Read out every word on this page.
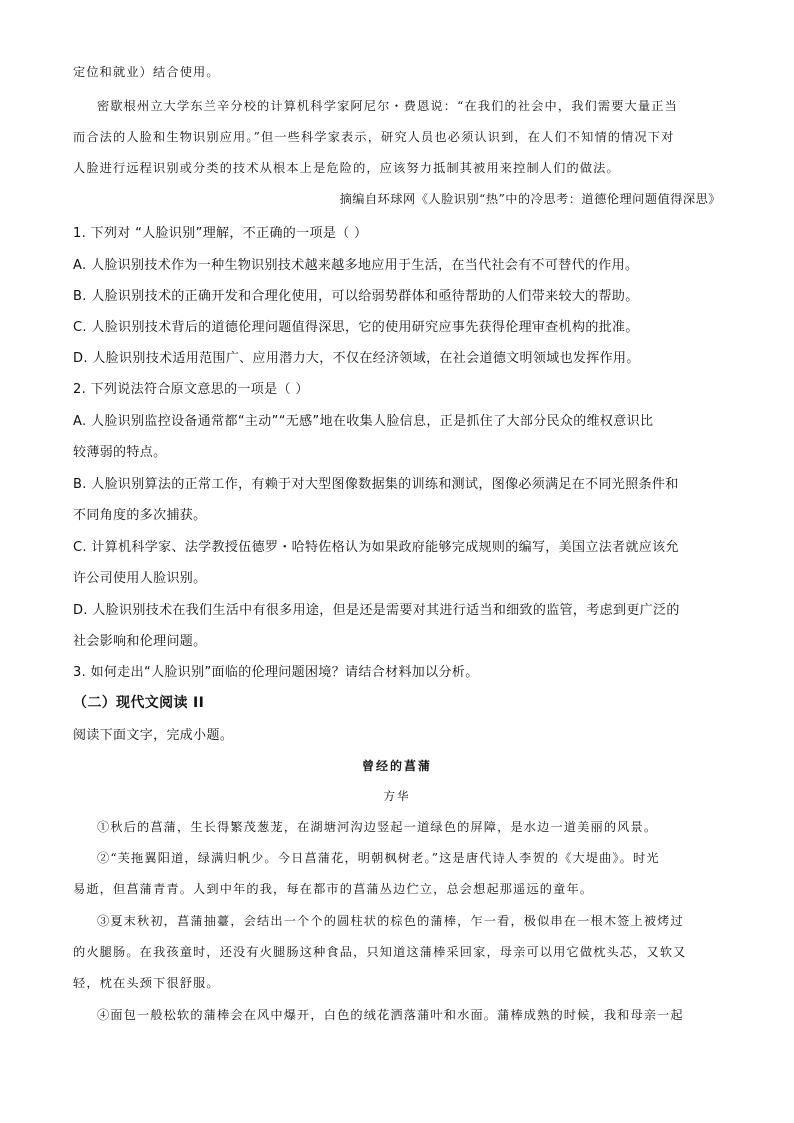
定位和就业）结合使用。

密歇根州立大学东兰辛分校的计算机科学家阿尼尔・费恩说：“在我们的社会中，我们需要大量正当

而合法的人脸和生物识别应用。”但一些科学家表示，研究人员也必须认识到，在人们不知情的情况下对

人脸进行远程识别或分类的技术从根本上是危险的，应该努力抵制其被用来控制人们的做法。

摘编自环球网《人脸识别“热”中的冷思考：道德伦理问题值得深思》

1. 下列对 “人脸识别”理解，不正确的一项是（ ）

A. 人脸识别技术作为一种生物识别技术越来越多地应用于生活，在当代社会有不可替代的作用。

B. 人脸识别技术的正确开发和合理化使用，可以给弱势群体和亟待帮助的人们带来较大的帮助。

C. 人脸识别技术背后的道德伦理问题值得深思，它的使用研究应事先获得伦理审查机构的批准。

D. 人脸识别技术适用范围广、应用潜力大，不仅在经济领域，在社会道德文明领域也发挥作用。

2. 下列说法符合原文意思的一项是（ ）

A. 人脸识别监控设备通常都“主动”“无感”地在收集人脸信息，正是抓住了大部分民众的维权意识比

较薄弱的特点。

B. 人脸识别算法的正常工作，有赖于对大型图像数据集的训练和测试，图像必须满足在不同光照条件和

不同角度的多次捕获。

C. 计算机科学家、法学教授伍德罗・哈特佐格认为如果政府能够完成规则的编写，美国立法者就应该允

许公司使用人脸识别。

D. 人脸识别技术在我们生活中有很多用途，但是还是需要对其进行适当和细致的监管，考虑到更广泛的

社会影响和伦理问题。

3. 如何走出“人脸识别”面临的伦理问题困境？请结合材料加以分析。

（二）现代文阅读 II

阅读下面文字，完成小题。

曾经的菖蒲

方华

①秋后的菖蒲，生长得繁茂葱茏，在湖塘河沟边竖起一道绿色的屏障，是水边一道美丽的风景。

②“芙拖翼阳道，绿满归帆少。今日菖蒲花，明朝枫树老。”这是唐代诗人李贺的《大堤曲》。时光

易逝，但菖蒲青青。人到中年的我，每在都市的菖蒲丛边伫立，总会想起那遥远的童年。

③夏末秋初，菖蒲抽薹，会结出一个个的圆柱状的棕色的蒲棒，乍一看，极似串在一根木签上被烤过

的火腿肠。在我孩童时，还没有火腿肠这种食品，只知道这蒲棒采回家，母亲可以用它做枕头芯，又软又

轻，枕在头颈下很舒服。

④面包一般松软的蒲棒会在风中爆开，白色的绒花洒落蒲叶和水面。蒲棒成熟的时候，我和母亲一起
